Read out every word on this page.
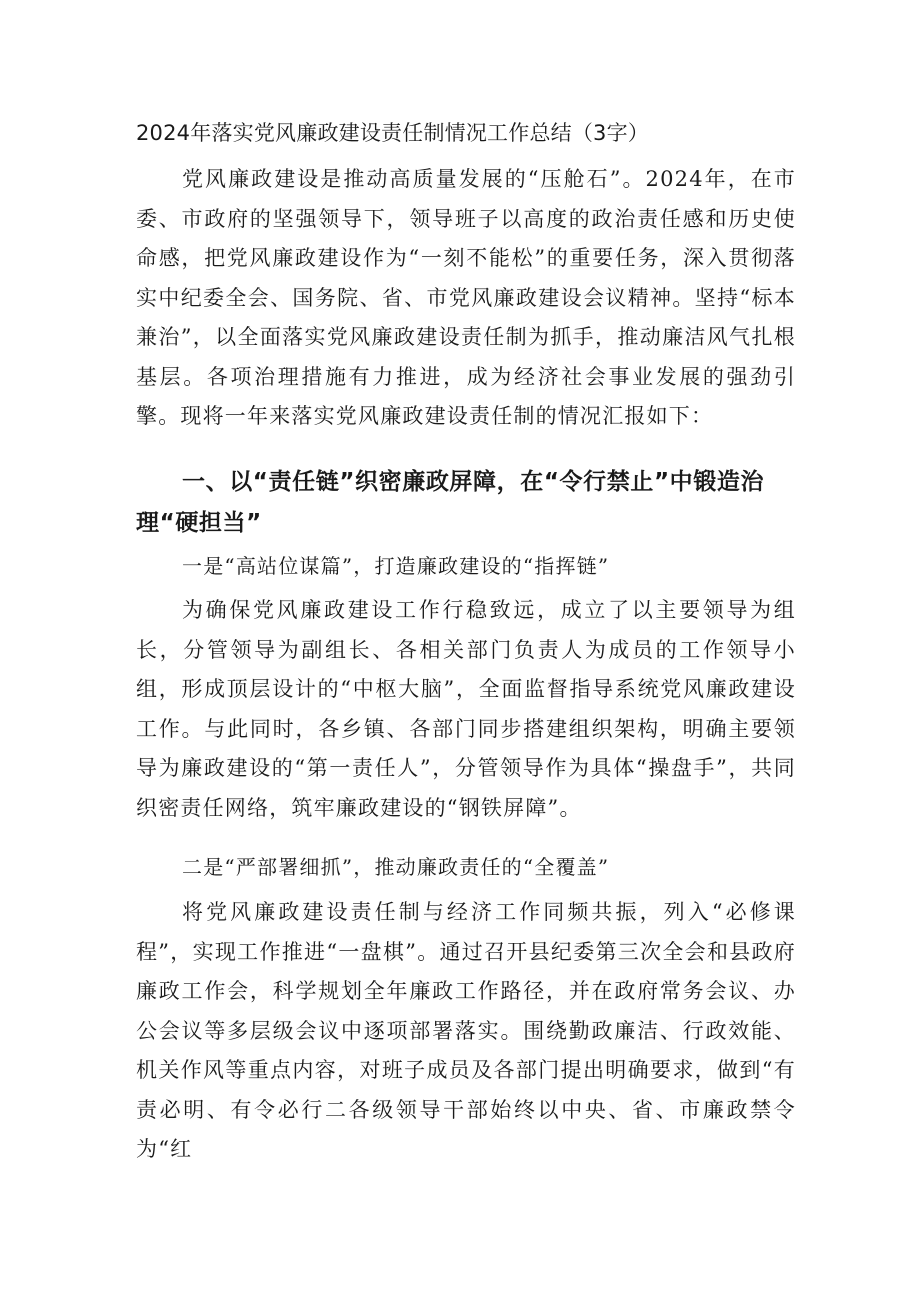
2024年落实党风廉政建设责任制情况工作总结（3字）

党风廉政建设是推动高质量发展的“压舱石”。2024年，在市委、市政府的坚强领导下，领导班子以高度的政治责任感和历史使命感，把党风廉政建设作为“一刻不能松”的重要任务，深入贯彻落实中纪委全会、国务院、省、市党风廉政建设会议精神。坚持“标本兼治”，以全面落实党风廉政建设责任制为抓手，推动廉洁风气扎根基层。各项治理措施有力推进，成为经济社会事业发展的强劲引擎。现将一年来落实党风廉政建设责任制的情况汇报如下：

一、以“责任链”织密廉政屏障，在“令行禁止”中锻造治理“硬担当”

一是“高站位谋篇”，打造廉政建设的“指挥链”

为确保党风廉政建设工作行稳致远，成立了以主要领导为组长，分管领导为副组长、各相关部门负责人为成员的工作领导小组，形成顶层设计的“中枢大脑”，全面监督指导系统党风廉政建设工作。与此同时，各乡镇、各部门同步搭建组织架构，明确主要领导为廉政建设的“第一责任人”，分管领导作为具体“操盘手”，共同织密责任网络，筑牢廉政建设的“钢铁屏障”。

二是“严部署细抓”，推动廉政责任的“全覆盖”

将党风廉政建设责任制与经济工作同频共振，列入“必修课程”，实现工作推进“一盘棋”。通过召开县纪委第三次全会和县政府廉政工作会，科学规划全年廉政工作路径，并在政府常务会议、办公会议等多层级会议中逐项部署落实。围绕勤政廉洁、行政效能、机关作风等重点内容，对班子成员及各部门提出明确要求，做到“有责必明、有令必行二各级领导干部始终以中央、省、市廉政禁令为“红
